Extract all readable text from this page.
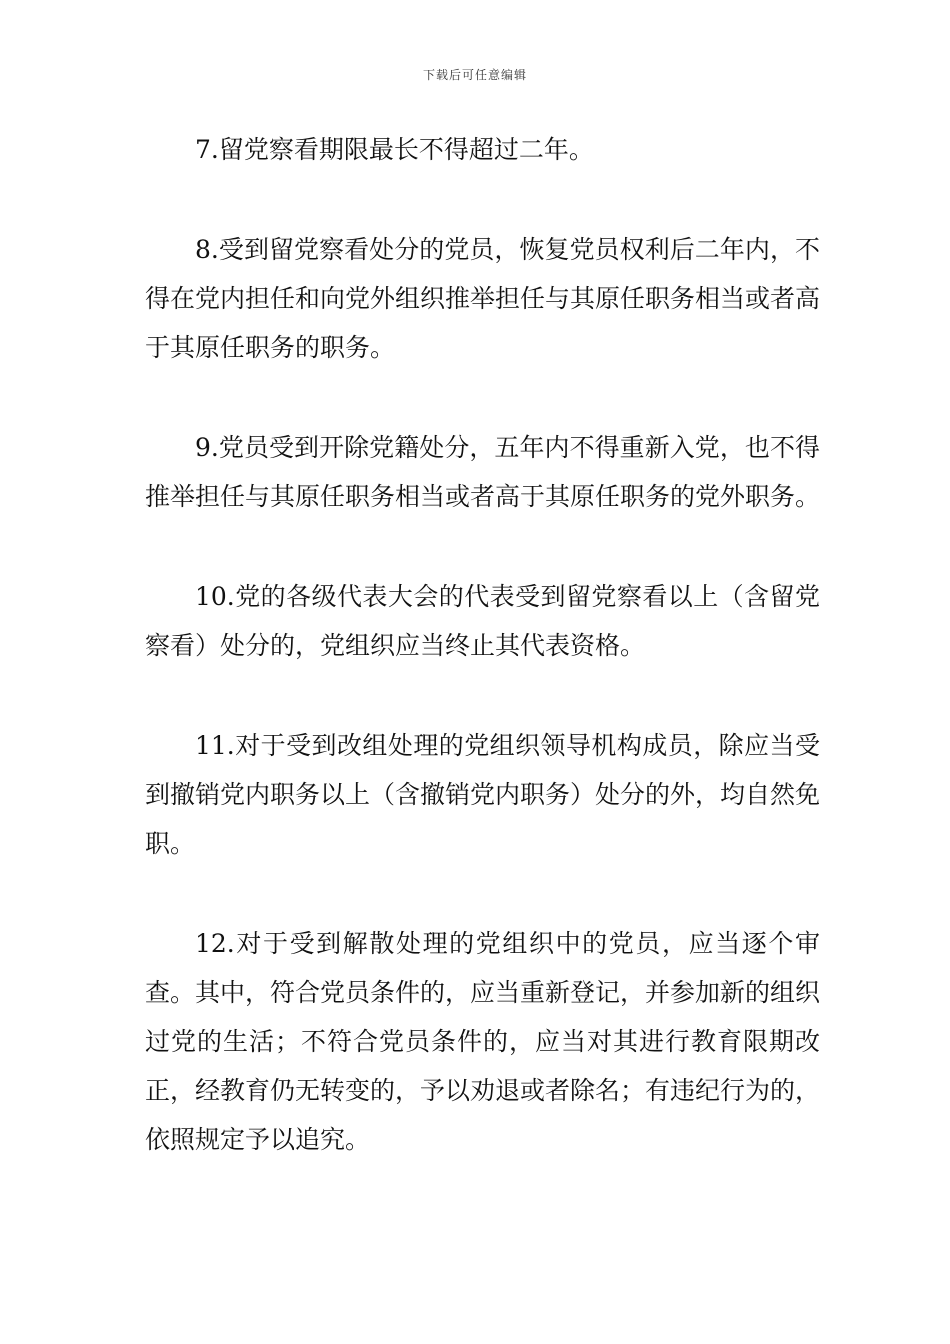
下载后可任意编辑

7.留党察看期限最长不得超过二年。

8.受到留党察看处分的党员，恢复党员权利后二年内，不得在党内担任和向党外组织推举担任与其原任职务相当或者高于其原任职务的职务。

9.党员受到开除党籍处分，五年内不得重新入党，也不得推举担任与其原任职务相当或者高于其原任职务的党外职务。

10.党的各级代表大会的代表受到留党察看以上（含留党察看）处分的，党组织应当终止其代表资格。

11.对于受到改组处理的党组织领导机构成员，除应当受到撤销党内职务以上（含撤销党内职务）处分的外，均自然免职。

12.对于受到解散处理的党组织中的党员，应当逐个审查。其中，符合党员条件的，应当重新登记，并参加新的组织过党的生活；不符合党员条件的，应当对其进行教育限期改正，经教育仍无转变的，予以劝退或者除名；有违纪行为的，依照规定予以追究。
